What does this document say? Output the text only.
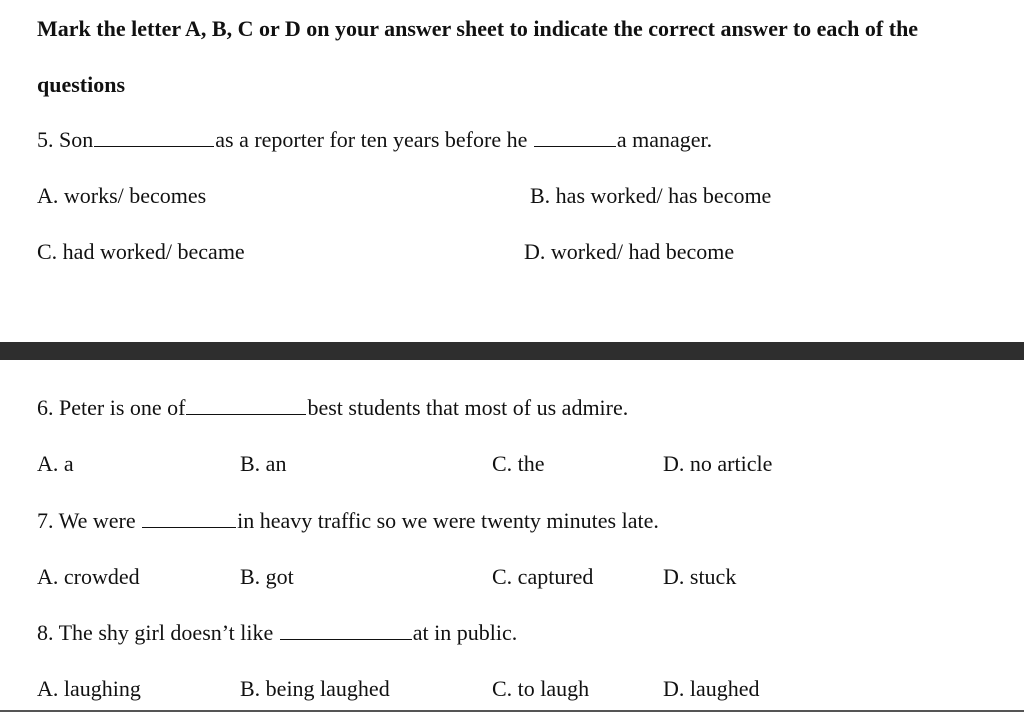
Mark the letter A, B, C or D on your answer sheet to indicate the correct answer to each of the
questions
5. Son	as a reporter for ten years before he	a manager.
A. works/ becomes	B. has worked/ has become
C. had worked/ became	D. worked/ had become
6. Peter is one of	best students that most of us admire.
A. a	B. an	C. the	D. no article
7. We were	in heavy traffic so we were twenty minutes late.
A. crowded	B. got	C. captured	D. stuck
8. The shy girl doesn’t like	at in public.
A. laughing	B. being laughed	C. to laugh	D. laughed
